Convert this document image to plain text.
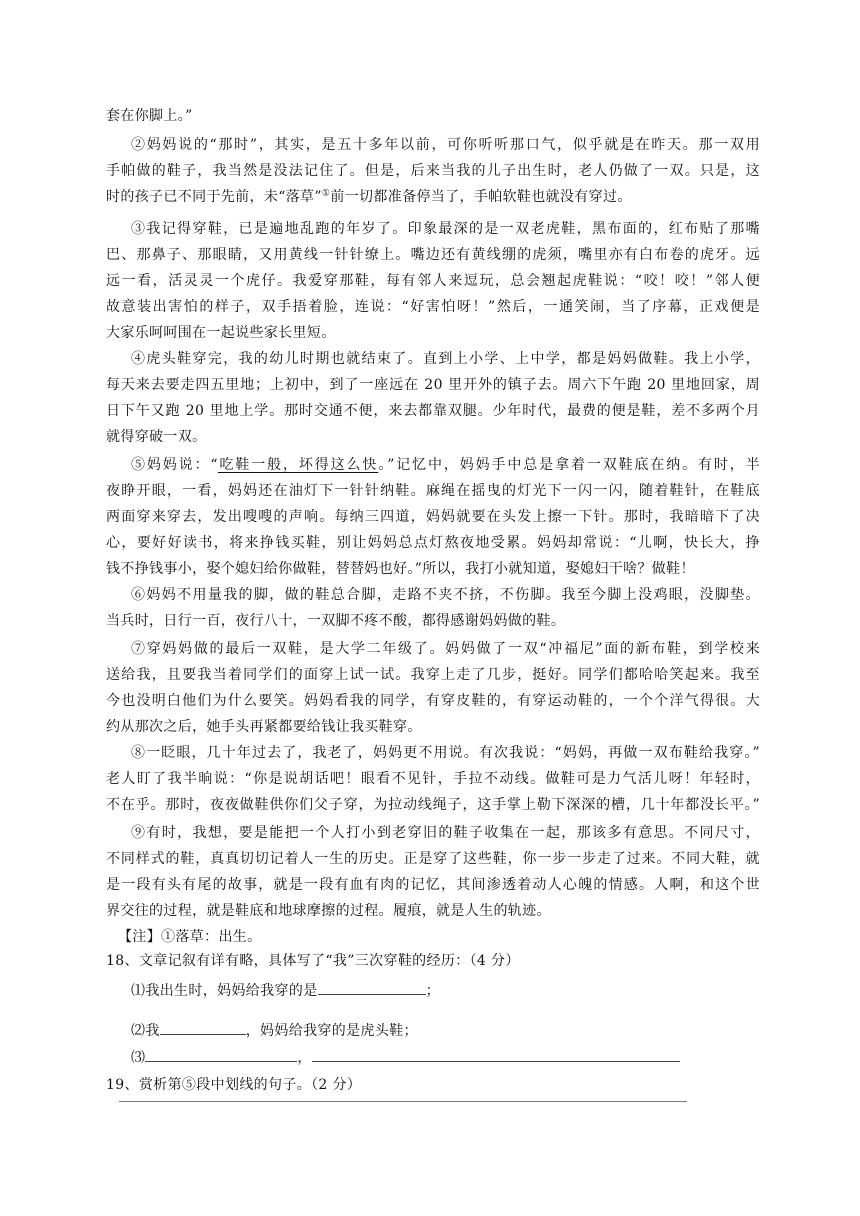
套在你脚上。”
②妈妈说的“那时”，其实，是五十多年以前，可你听听那口气，似乎就是在昨天。那一双用
手帕做的鞋子，我当然是没法记住了。但是，后来当我的儿子出生时，老人仍做了一双。只是，这
时的孩子已不同于先前，未“落草”①前一切都准备停当了，手帕软鞋也就没有穿过。
③我记得穿鞋，已是遍地乱跑的年岁了。印象最深的是一双老虎鞋，黑布面的，红布贴了那嘴
巴、那鼻子、那眼睛，又用黄线一针针缭上。嘴边还有黄线绷的虎须，嘴里亦有白布卷的虎牙。远
远一看，活灵灵一个虎仔。我爱穿那鞋，每有邻人来逗玩，总会翘起虎鞋说：“咬！咬！”邻人便
故意装出害怕的样子，双手捂着脸，连说：“好害怕呀！”然后，一通笑闹，当了序幕，正戏便是
大家乐呵呵围在一起说些家长里短。
④虎头鞋穿完，我的幼儿时期也就结束了。直到上小学、上中学，都是妈妈做鞋。我上小学，
每天来去要走四五里地；上初中，到了一座远在 20 里开外的镇子去。周六下午跑 20 里地回家，周
日下午又跑 20 里地上学。那时交通不便，来去都靠双腿。少年时代，最费的便是鞋，差不多两个月
就得穿破一双。
⑤妈妈说：“吃鞋一般，坏得这么快。”记忆中，妈妈手中总是拿着一双鞋底在纳。有时，半
夜睁开眼，一看，妈妈还在油灯下一针针纳鞋。麻绳在摇曳的灯光下一闪一闪，随着鞋针，在鞋底
两面穿来穿去，发出嗖嗖的声响。每纳三四道，妈妈就要在头发上擦一下针。那时，我暗暗下了决
心，要好好读书，将来挣钱买鞋，别让妈妈总点灯熬夜地受累。妈妈却常说：“儿啊，快长大，挣
钱不挣钱事小，娶个媳妇给你做鞋，替替妈也好。”所以，我打小就知道，娶媳妇干啥？做鞋！
⑥妈妈不用量我的脚，做的鞋总合脚，走路不夹不挤，不伤脚。我至今脚上没鸡眼，没脚垫。
当兵时，日行一百，夜行八十，一双脚不疼不酸，都得感谢妈妈做的鞋。
⑦穿妈妈做的最后一双鞋，是大学二年级了。妈妈做了一双“冲福尼”面的新布鞋，到学校来
送给我，且要我当着同学们的面穿上试一试。我穿上走了几步，挺好。同学们都哈哈笑起来。我至
今也没明白他们为什么要笑。妈妈看我的同学，有穿皮鞋的，有穿运动鞋的，一个个洋气得很。大
约从那次之后，她手头再紧都要给钱让我买鞋穿。
⑧一眨眼，几十年过去了，我老了，妈妈更不用说。有次我说：“妈妈，再做一双布鞋给我穿。”
老人盯了我半晌说：“你是说胡话吧！眼看不见针，手拉不动线。做鞋可是力气活儿呀！年轻时，
不在乎。那时，夜夜做鞋供你们父子穿，为拉动线绳子，这手掌上勒下深深的槽，几十年都没长平。”
⑨有时，我想，要是能把一个人打小到老穿旧的鞋子收集在一起，那该多有意思。不同尺寸，
不同样式的鞋，真真切切记着人一生的历史。正是穿了这些鞋，你一步一步走了过来。不同大鞋，就
是一段有头有尾的故事，就是一段有血有肉的记忆，其间渗透着动人心魄的情感。人啊，和这个世
界交往的过程，就是鞋底和地球摩擦的过程。履痕，就是人生的轨迹。
【注】①落草：出生。
18、文章记叙有详有略，具体写了“我”三次穿鞋的经历：（4 分）
⑴我出生时，妈妈给我穿的是	；
⑵我	，妈妈给我穿的是虎头鞋；
⑶	，
19、赏析第⑤段中划线的句子。（2 分）
